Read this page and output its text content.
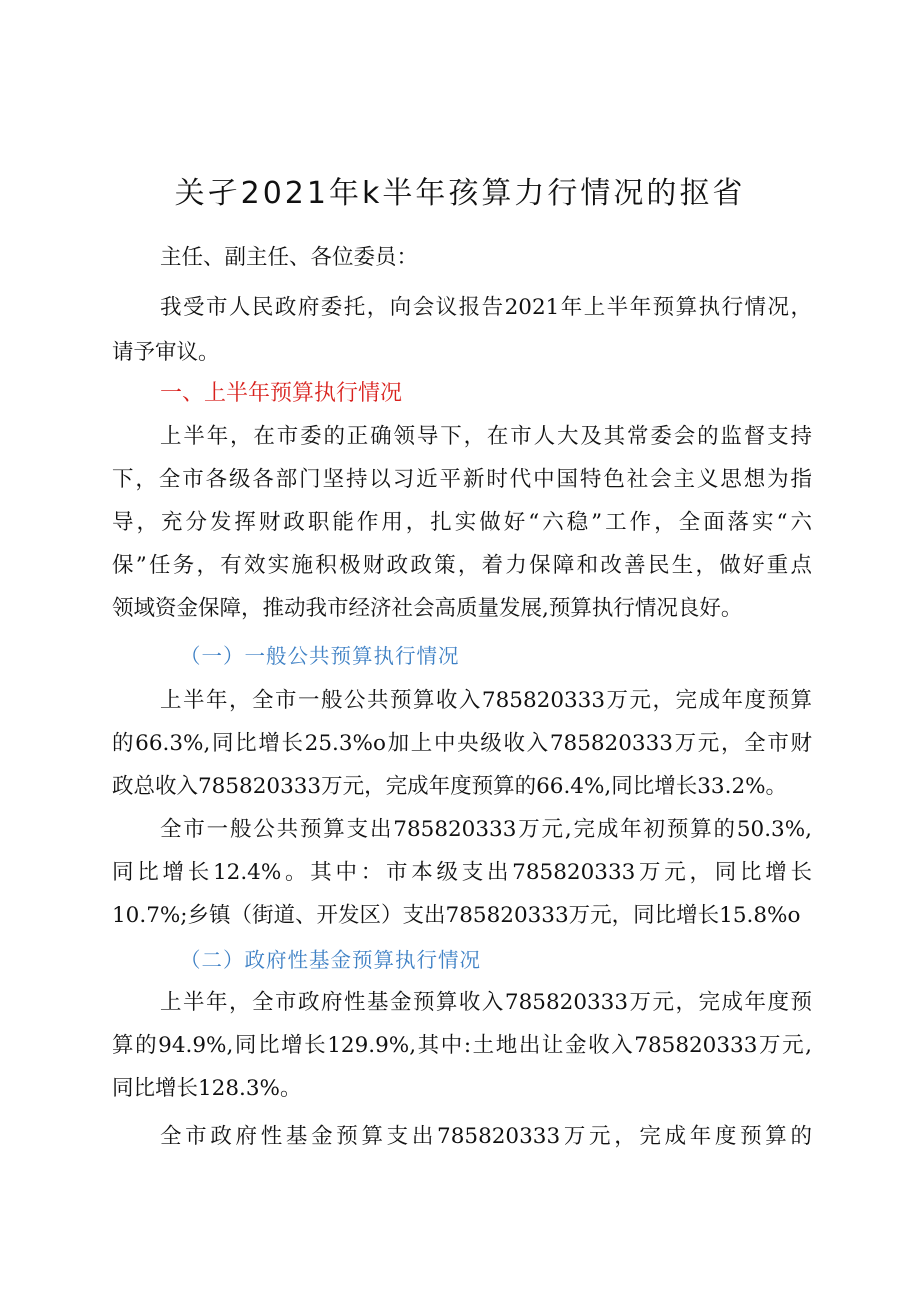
关孑2021年k半年孩算力行情况的抠省
主任、副主任、各位委员：
我受市人民政府委托，向会议报告2021年上半年预算执行情况，
请予审议。
一、上半年预算执行情况
上半年，在市委的正确领导下，在市人大及其常委会的监督支持
下，全市各级各部门坚持以习近平新时代中国特色社会主义思想为指
导，充分发挥财政职能作用，扎实做好“六稳”工作，全面落实“六
保”任务，有效实施积极财政政策，着力保障和改善民生，做好重点
领域资金保障，推动我市经济社会高质量发展,预算执行情况良好。
（一）一般公共预算执行情况
上半年，全市一般公共预算收入785820333万元，完成年度预算
的66.3%,同比增长25.3%o加上中央级收入785820333万元，全市财
政总收入785820333万元，完成年度预算的66.4%,同比增长33.2%。
全市一般公共预算支出785820333万元,完成年初预算的50.3%,
同比增长12.4%。其中：市本级支出785820333万元，同比增长
10.7%;乡镇（街道、开发区）支出785820333万元，同比增长15.8%o
（二）政府性基金预算执行情况
上半年，全市政府性基金预算收入785820333万元，完成年度预
算的94.9%,同比增长129.9%,其中:土地出让金收入785820333万元,
同比增长128.3%。
全市政府性基金预算支出785820333万元，完成年度预算的
